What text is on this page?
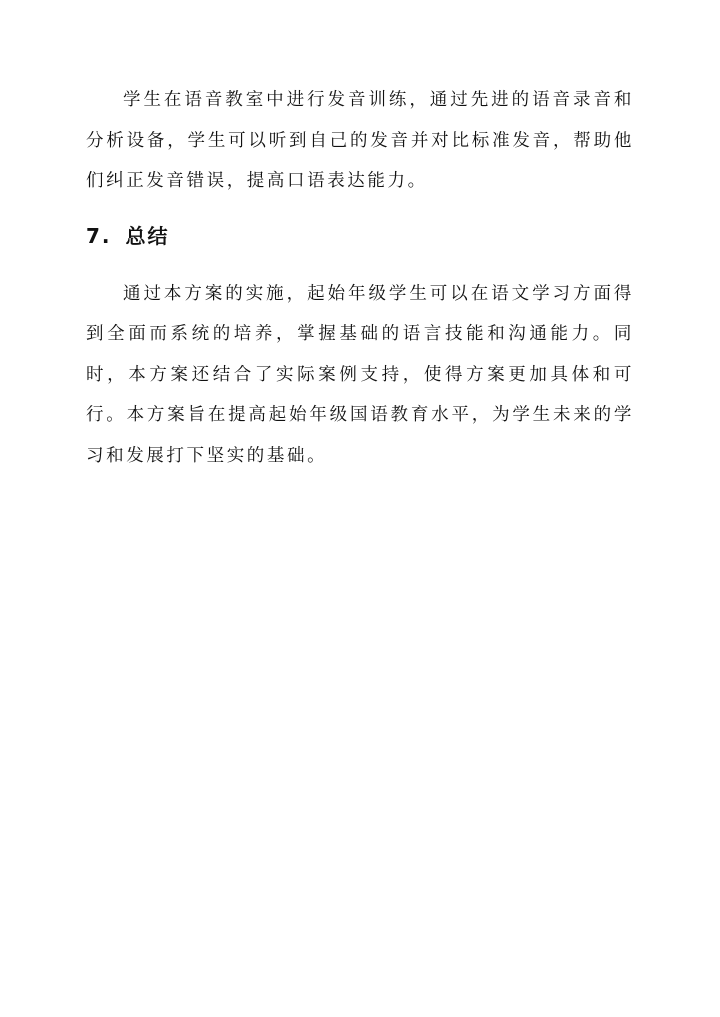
学生在语音教室中进行发音训练，通过先进的语音录音和分析设备，学生可以听到自己的发音并对比标准发音，帮助他们纠正发音错误，提高口语表达能力。

7. 总结

通过本方案的实施，起始年级学生可以在语文学习方面得到全面而系统的培养，掌握基础的语言技能和沟通能力。同时，本方案还结合了实际案例支持，使得方案更加具体和可行。本方案旨在提高起始年级国语教育水平，为学生未来的学习和发展打下坚实的基础。
